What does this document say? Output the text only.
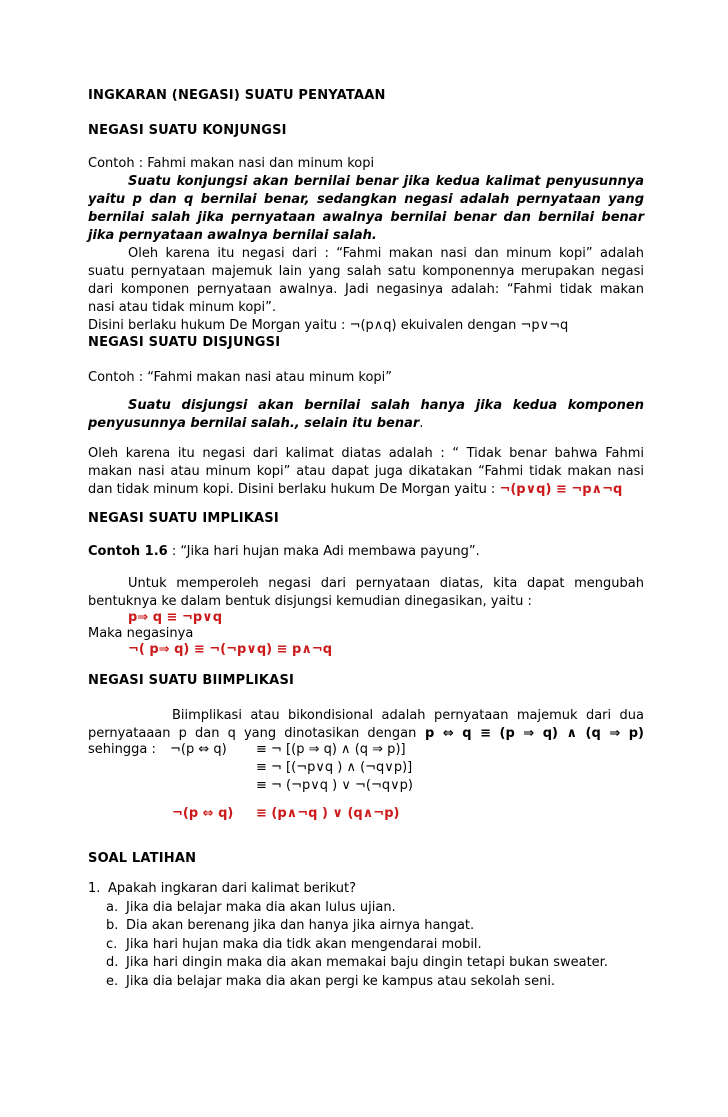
INGKARAN (NEGASI) SUATU PENYATAAN
NEGASI SUATU KONJUNGSI
Contoh : Fahmi makan nasi dan minum kopi
Suatu konjungsi akan bernilai benar jika kedua kalimat penyusunnya
yaitu p dan q bernilai benar, sedangkan negasi adalah pernyataan yang
bernilai salah jika pernyataan awalnya bernilai benar dan bernilai benar
jika pernyataan awalnya bernilai salah.
Oleh karena itu negasi dari : “Fahmi makan nasi dan minum kopi” adalah
suatu pernyataan majemuk lain yang salah satu komponennya merupakan negasi
dari komponen pernyataan awalnya. Jadi negasinya adalah: “Fahmi tidak makan
nasi atau tidak minum kopi”.
Disini berlaku hukum De Morgan yaitu : ¬(p∧q) ekuivalen dengan ¬p∨¬q
NEGASI SUATU DISJUNGSI
Contoh : “Fahmi makan nasi atau minum kopi”
Suatu disjungsi akan bernilai salah hanya jika kedua komponen
penyusunnya bernilai salah., selain itu benar.
Oleh karena itu negasi dari kalimat diatas adalah : “ Tidak benar bahwa Fahmi
makan nasi atau minum kopi” atau dapat juga dikatakan “Fahmi tidak makan nasi
dan tidak minum kopi. Disini berlaku hukum De Morgan yaitu : ¬(p∨q) ≡ ¬p∧¬q
NEGASI SUATU IMPLIKASI
Contoh 1.6 : “Jika hari hujan maka Adi membawa payung”.
Untuk memperoleh negasi dari pernyataan diatas, kita dapat mengubah
bentuknya ke dalam bentuk disjungsi kemudian dinegasikan, yaitu :
p⇒ q ≡ ¬p∨q
Maka negasinya
¬( p⇒ q) ≡ ¬(¬p∨q) ≡ p∧¬q
NEGASI SUATU BIIMPLIKASI
Biimplikasi atau bikondisional adalah pernyataan majemuk dari dua
pernyataaan p dan q yang dinotasikan dengan p ⇔ q ≡ (p ⇒ q) ∧ (q ⇒ p)
sehingga : ¬(p ⇔ q) ≡ ¬ [(p ⇒ q) ∧ (q ⇒ p)]
≡ ¬ [(¬p∨q ) ∧ (¬q∨p)]
≡ ¬ (¬p∨q ) ∨ ¬(¬q∨p)
¬(p ⇔ q) ≡ (p∧¬q ) ∨ (q∧¬p)
SOAL LATIHAN
1. Apakah ingkaran dari kalimat berikut?
a. Jika dia belajar maka dia akan lulus ujian.
b. Dia akan berenang jika dan hanya jika airnya hangat.
c. Jika hari hujan maka dia tidk akan mengendarai mobil.
d. Jika hari dingin maka dia akan memakai baju dingin tetapi bukan sweater.
e. Jika dia belajar maka dia akan pergi ke kampus atau sekolah seni.
